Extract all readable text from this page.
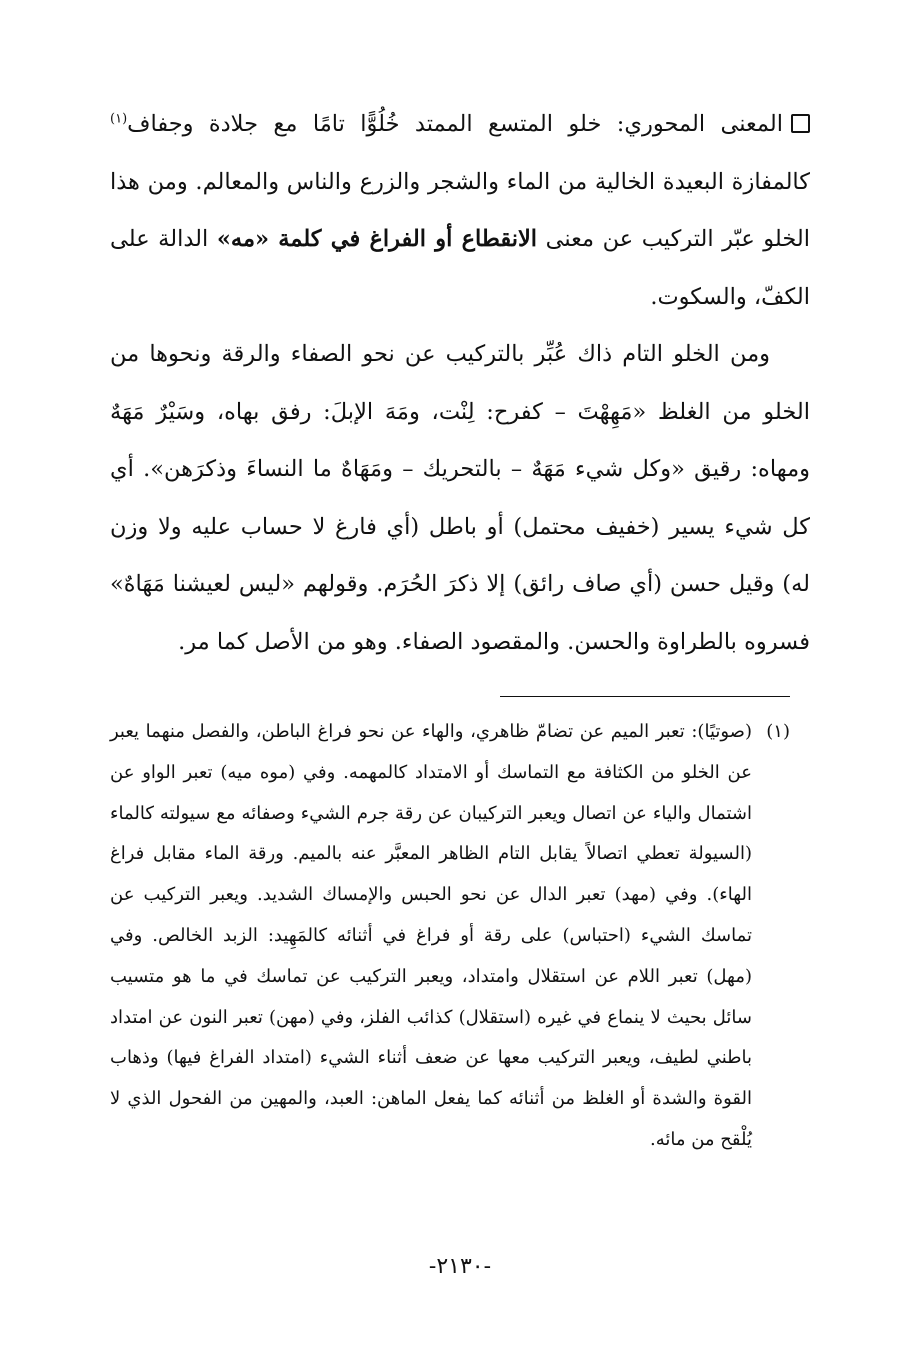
المعنى المحوري: خلو المتسع الممتد خُلُوًّا تامًا مع جلادة وجفاف$^{(١)}$ كالمفازة البعيدة الخالية من الماء والشجر والزرع والناس والمعالم. ومن هذا الخلو عبّر التركيب عن معنى الانقطاع أو الفراغ في كلمة «مه» الدالة على الكفّ، والسكوت.

ومن الخلو التام ذاك عُبِّر بالتركيب عن نحو الصفاء والرقة ونحوها من الخلو من الغلظ «مَهِهْتَ – كفرح: لِنْت، ومَهَ الإبلَ: رفق بهاه، وسَيْرٌ مَهَهٌ ومهاه: رقيق «وكل شيء مَهَهٌ – بالتحريك – ومَهَاهٌ ما النساءَ وذكرَهن». أي كل شيء يسير (خفيف محتمل) أو باطل (أي فارغ لا حساب عليه ولا وزن له) وقيل حسن (أي صاف رائق) إلا ذكرَ الحُرَم. وقولهم «ليس لعيشنا مَهَاهٌ» فسروه بالطراوة والحسن. والمقصود الصفاء. وهو من الأصل كما مر.

(١)(صوتيًا): تعبر الميم عن تضامّ ظاهري، والهاء عن نحو فراغ الباطن، والفصل منهما يعبر عن الخلو من الكثافة مع التماسك أو الامتداد كالمهمه. وفي (موه ميه) تعبر الواو عن اشتمال والياء عن اتصال ويعبر التركيبان عن رقة جرم الشيء وصفائه مع سيولته كالماء (السيولة تعطي اتصالاً يقابل التام الظاهر المعبَّر عنه بالميم. ورقة الماء مقابل فراغ الهاء). وفي (مهد) تعبر الدال عن نحو الحبس والإمساك الشديد. ويعبر التركيب عن تماسك الشيء (احتباس) على رقة أو فراغ في أثنائه كالمَهِيد: الزبد الخالص. وفي (مهل) تعبر اللام عن استقلال وامتداد، ويعبر التركيب عن تماسك في ما هو متسيب سائل بحيث لا ينماع في غيره (استقلال) كذائب الفلز، وفي (مهن) تعبر النون عن امتداد باطني لطيف، ويعبر التركيب معها عن ضعف أثناء الشيء (امتداد الفراغ فيها) وذهاب القوة والشدة أو الغلظ من أثنائه كما يفعل الماهن: العبد، والمهين من الفحول الذي لا يُلْقح من مائه.

-٢١٣٠-
